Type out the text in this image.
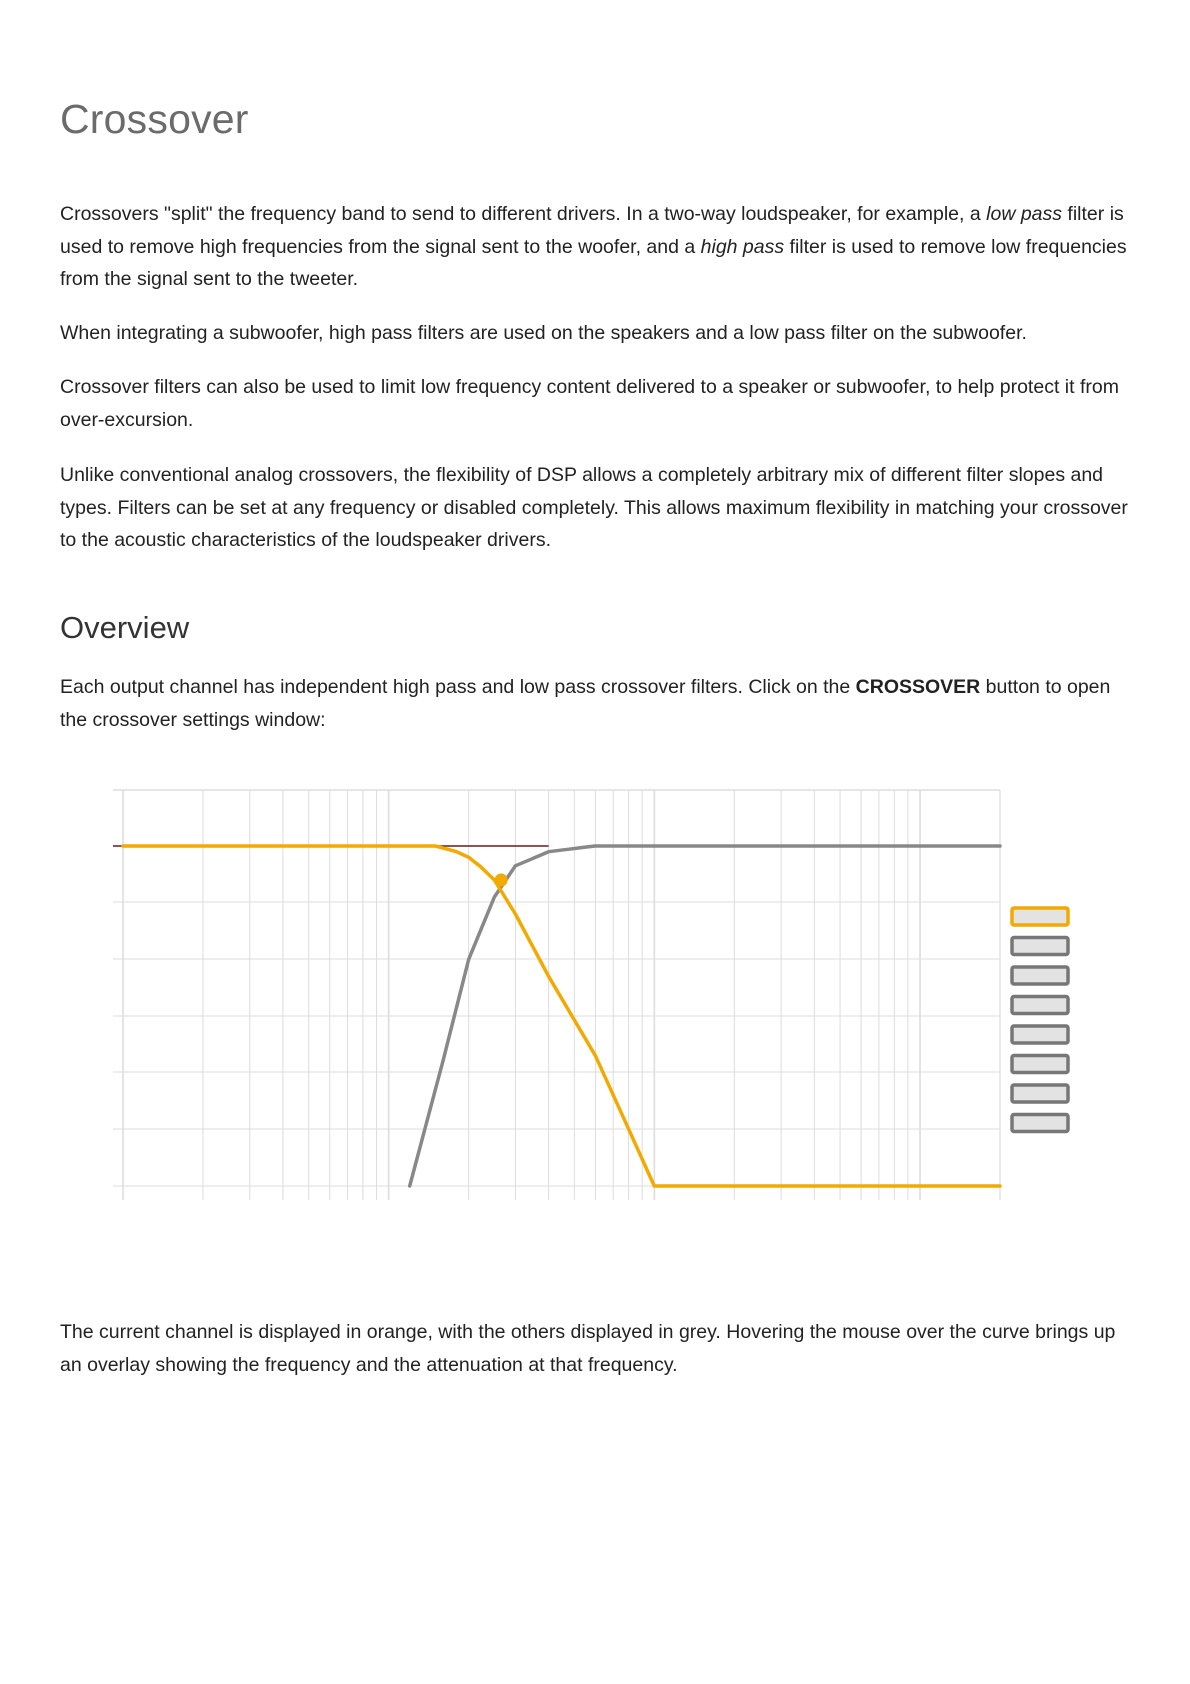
Crossover

Crossovers "split" the frequency band to send to different drivers. In a two-way loudspeaker, for example, a low pass filter is used to remove high frequencies from the signal sent to the woofer, and a high pass filter is used to remove low frequencies from the signal sent to the tweeter.

When integrating a subwoofer, high pass filters are used on the speakers and a low pass filter on the subwoofer.

Crossover filters can also be used to limit low frequency content delivered to a speaker or subwoofer, to help protect it from over-excursion.

Unlike conventional analog crossovers, the flexibility of DSP allows a completely arbitrary mix of different filter slopes and types. Filters can be set at any frequency or disabled completely. This allows maximum flexibility in matching your crossover to the acoustic characteristics of the loudspeaker drivers.

Overview

Each output channel has independent high pass and low pass crossover filters. Click on the CROSSOVER button to open the crossover settings window:

The current channel is displayed in orange, with the others displayed in grey. Hovering the mouse over the curve brings up an overlay showing the frequency and the attenuation at that frequency.
